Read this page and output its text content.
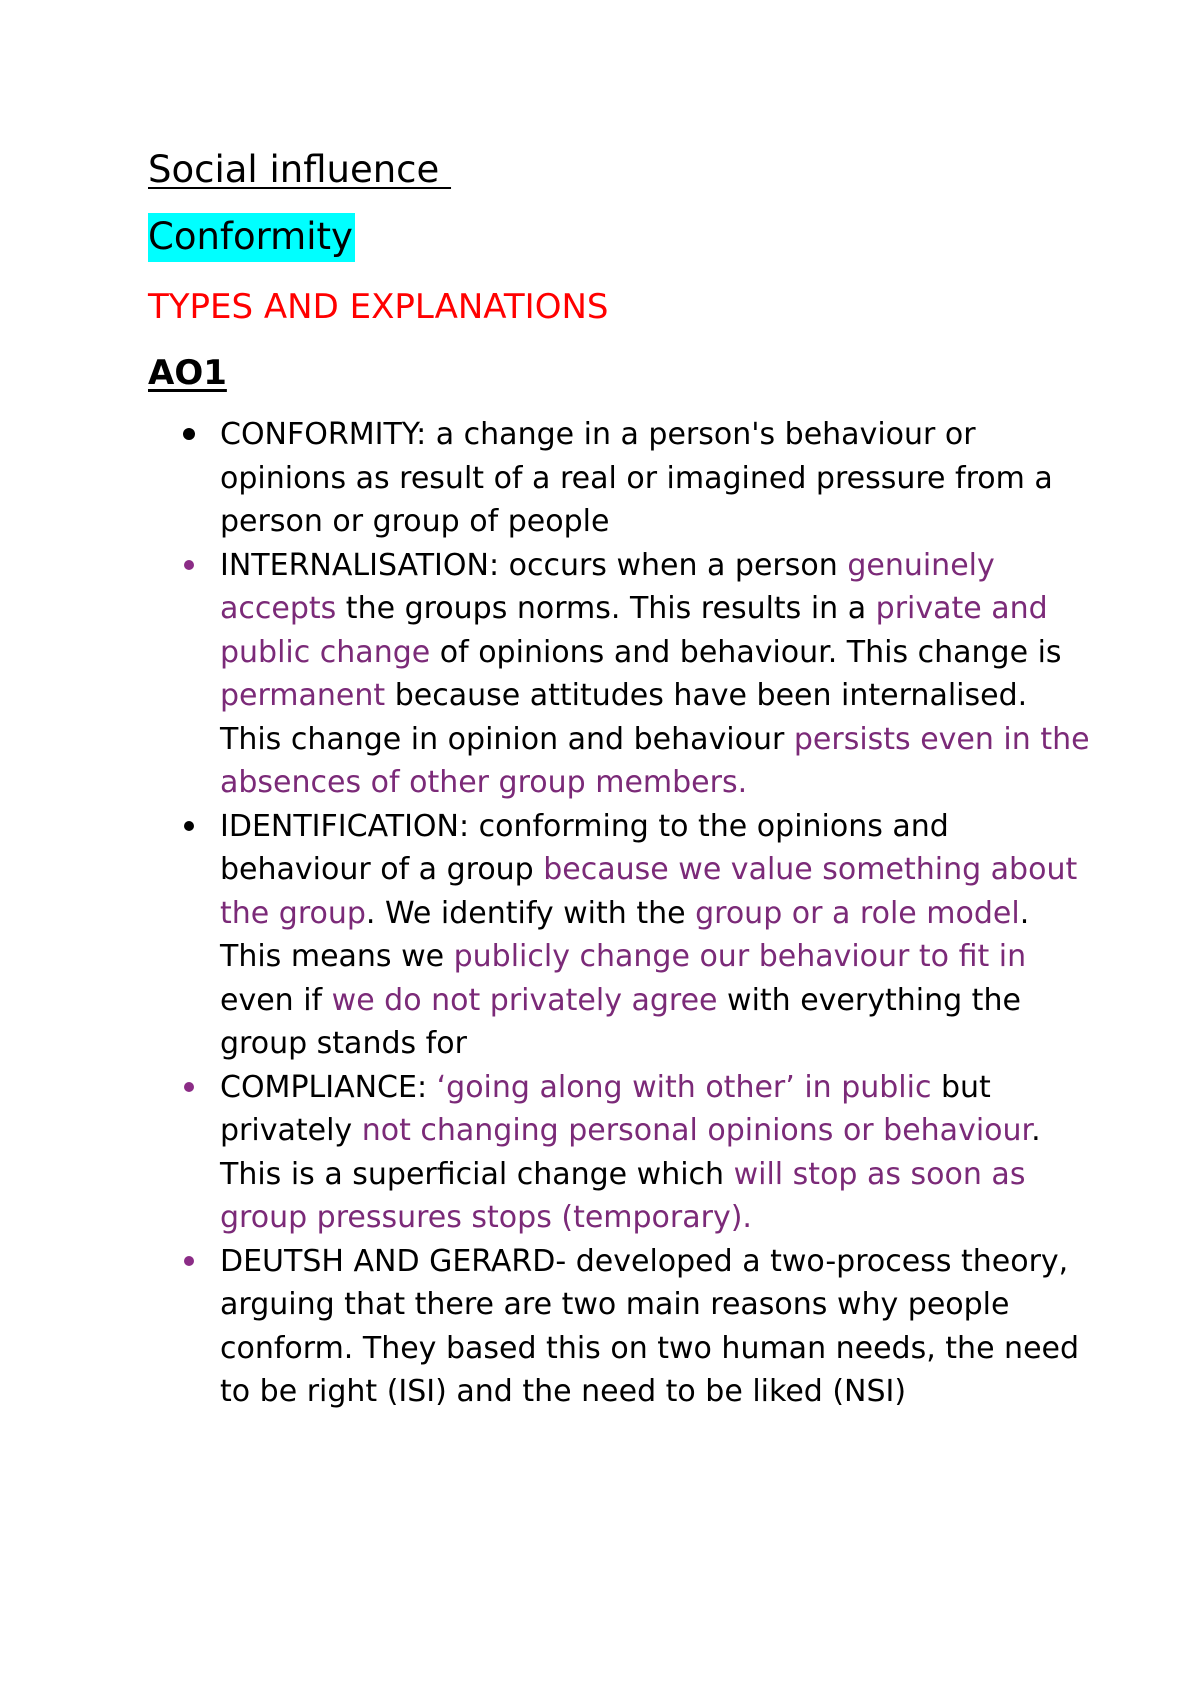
Social influence
Conformity
TYPES AND EXPLANATIONS
AO1
CONFORMITY: a change in a person's behaviour or opinions as result of a real or imagined pressure from a person or group of people
INTERNALISATION: occurs when a person genuinely accepts the groups norms. This results in a private and public change of opinions and behaviour. This change is permanent because attitudes have been internalised. This change in opinion and behaviour persists even in the absences of other group members.
IDENTIFICATION: conforming to the opinions and behaviour of a group because we value something about the group. We identify with the group or a role model. This means we publicly change our behaviour to fit in even if we do not privately agree with everything the group stands for
COMPLIANCE: ‘going along with other’ in public but privately not changing personal opinions or behaviour. This is a superficial change which will stop as soon as group pressures stops (temporary).
DEUTSH AND GERARD- developed a two-process theory, arguing that there are two main reasons why people conform. They based this on two human needs, the need to be right (ISI) and the need to be liked (NSI)
